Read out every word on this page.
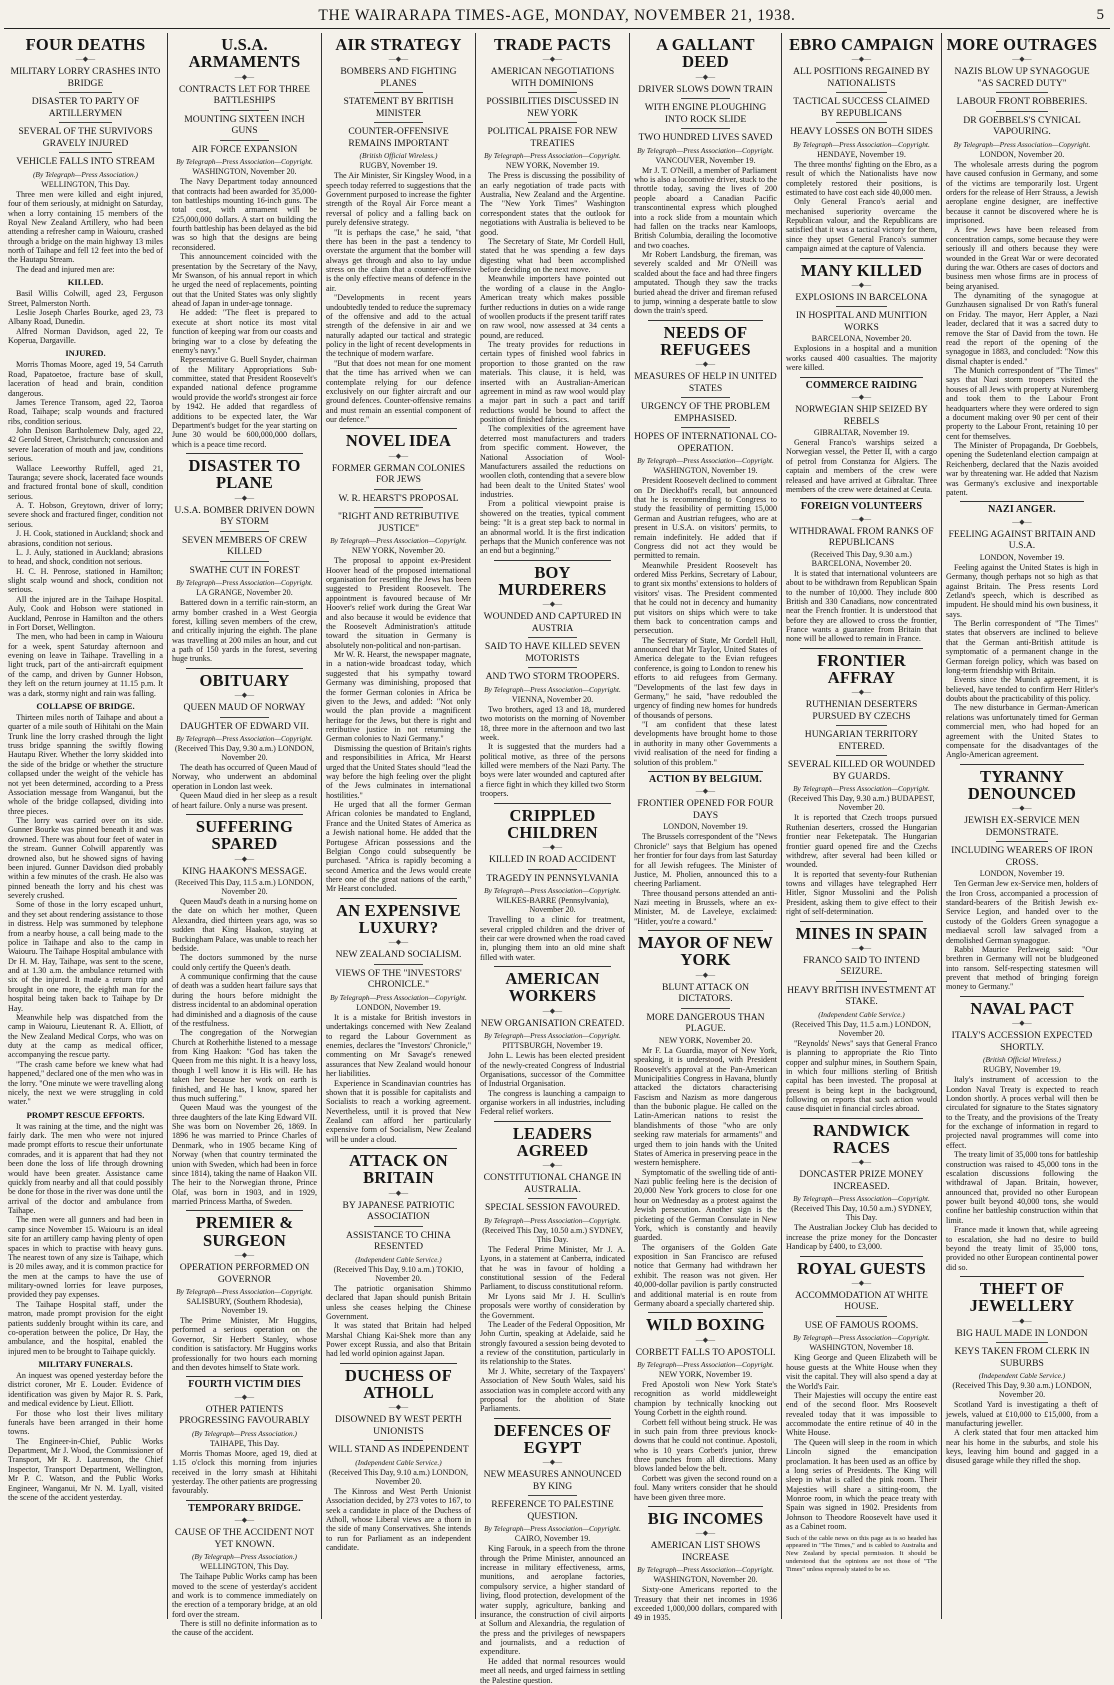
THE WAIRARAPA TIMES-AGE, MONDAY, NOVEMBER 21, 1938.	5
FOUR DEATHS
—◆—
MILITARY LORRY CRASHES INTO BRIDGE
DISASTER TO PARTY OF ARTILLERYMEN
SEVERAL OF THE SURVIVORS GRAVELY INJURED
VEHICLE FALLS INTO STREAM
(By Telegraph—Press Association.)
WELLINGTON, This Day.

Three men were killed and eight injured, four of them seriously, at midnight on Saturday, when a lorry containing 15 members of the Royal New Zealand Artillery, who had been attending a refresher camp in Waiouru, crashed through a bridge on the main highway 13 miles north of Taihape and fell 12 feet into the bed of the Hautapu Stream.

The dead and injured men are:

KILLED.

Basil Willis Colwill, aged 23, Ferguson Street, Palmerston North.

Leslie Joseph Charles Bourke, aged 23, 73 Albany Road, Dunedin.

Alfred Norman Davidson, aged 22, Te Koperua, Dargaville.

INJURED.

Morris Thomas Moore, aged 19, 54 Carruth Road, Papatoetoe, fracture base of skull, laceration of head and brain, condition dangerous.

James Terence Transom, aged 22, Taoroa Road, Taihape; scalp wounds and fractured ribs, condition serious.

John Denison Bartholemew Daly, aged 22, 42 Gerold Street, Christchurch; concussion and severe laceration of mouth and jaw, conditions serious.

Wallace Leeworthy Ruffell, aged 21, Tauranga; severe shock, lacerated face wounds and fractured frontal bone of skull, condition serious.

A. T. Hobson, Greytown, driver of lorry; severe shock and fractured finger, condition not serious.

J. H. Cook, stationed in Auckland; shock and abrasions, condition not serious.

L. J. Auly, stationed in Auckland; abrasions to head, and shock, condition not serious.

H. C. H. Penrose, stationed in Hamilton; slight scalp wound and shock, condition not serious.

All the injured are in the Taihape Hospital. Auly, Cook and Hobson were stationed in Auckland, Penrose in Hamilton and the others in Fort Dorset, Wellington.

The men, who had been in camp in Waiouru for a week, spent Saturday afternoon and evening on leave in Taihape. Travelling in a light truck, part of the anti-aircraft equipment of the camp, and driven by Gunner Hobson, they left on the return journey at 11.15 p.m. It was a dark, stormy night and rain was falling.

COLLAPSE OF BRIDGE.

Thirteen miles north of Taihape and about a quarter of a mile south of Hihitahi on the Main Trunk line the lorry crashed through the light truss bridge spanning the swiftly flowing Hautapu River. Whether the lorry skidded into the side of the bridge or whether the structure collapsed under the weight of the vehicle has not yet been determined, according to a Press Association message from Wanganui, but the whole of the bridge collapsed, dividing into three pieces.

The lorry was carried over on its side. Gunner Bourke was pinned beneath it and was drowned. There was about four feet of water in the stream. Gunner Colwill apparently was drowned also, but he showed signs of having been injured. Gunner Davidson died probably within a few minutes of the crash. He also was pinned beneath the lorry and his chest was severely crushed.

Some of those in the lorry escaped unhurt, and they set about rendering assistance to those in distress. Help was summoned by telephone from a nearby house, a call being made to the police in Taihape and also to the camp in Waiouru. The Taihape Hospital ambulance with Dr H. M. Hay, Taihape, was sent to the scene, and at 1.30 a.m. the ambulance returned with six of the injured. It made a return trip and brought in one more, the eighth man for the hospital being taken back to Taihape by Dr Hay.

Meanwhile help was dispatched from the camp in Waiouru, Lieutenant R. A. Elliott, of the New Zealand Medical Corps, who was on duty at the camp as medical officer, accompanying the rescue party.

"The crash came before we knew what had happened," declared one of the men who was in the lorry. "One minute we were travelling along nicely, the next we were struggling in cold water."

PROMPT RESCUE EFFORTS.

It was raining at the time, and the night was fairly dark. The men who were not injured made prompt efforts to rescue their unfortunate comrades, and it is apparent that had they not been done the loss of life through drowning would have been greater. Assistance came quickly from nearby and all that could possibly be done for those in the river was done until the arrival of the doctor and ambulance from Taihape.

The men were all gunners and had been in camp since November 15. Waiouru is an ideal site for an artillery camp having plenty of open spaces in which to practise with heavy guns. The nearest town of any size is Taihape, which is 20 miles away, and it is common practice for the men at the camps to have the use of military-owned lorries for leave purposes, provided they pay expenses.

The Taihape Hospital staff, under the matron, made prompt provision for the eight patients suddenly brought within its care, and co-operation between the police, Dr Hay, the ambulance, and the hospital, enabled the injured men to be brought to Taihape quickly.

MILITARY FUNERALS.

An inquest was opened yesterday before the district coroner, Mr E. Louder. Evidence of identification was given by Major R. S. Park, and medical evidence by Lieut. Elliott.

For those who lost their lives military funerals have been arranged in their home towns.

The Engineer-in-Chief, Public Works Department, Mr J. Wood, the Commissioner of Transport, Mr R. J. Laurenson, the Chief Inspector, Transport Department, Wellington, Mr P. C. Watson, and the Public Works Engineer, Wanganui, Mr N. M. Lyall, visited the scene of the accident yesterday.

U.S.A. ARMAMENTS
—◆—
CONTRACTS LET FOR THREE BATTLESHIPS
MOUNTING SIXTEEN INCH GUNS
AIR FORCE EXPANSION
By Telegraph—Press Association—Copyright.
WASHINGTON, November 20.

The Navy Department today announced that contracts had been awarded for 35,000-ton battleships mounting 16-inch guns. The total cost, with armament will be £25,000,000 dollars. A start on building the fourth battleship has been delayed as the bid was so high that the designs are being reconsidered.

This announcement coincided with the presentation by the Secretary of the Navy, Mr Swanson, of his annual report in which he urged the need of replacements, pointing out that the United States was only slightly ahead of Japan in under-age tonnage.

He added: "The fleet is prepared to execute at short notice its most vital function of keeping war from our coasts and bringing war to a close by defeating the enemy's navy."

Representative G. Buell Snyder, chairman of the Military Appropriations Sub-committee, stated that President Roosevelt's expanded national defence programme would provide the world's strongest air force by 1942. He added that regardless of additions to be expected later, the War Department's budget for the year starting on June 30 would be 600,000,000 dollars, which is a peace time record.

DISASTER TO PLANE
—◆—
U.S.A. BOMBER DRIVEN DOWN BY STORM
SEVEN MEMBERS OF CREW KILLED
SWATHE CUT IN FOREST
By Telegraph—Press Association—Copyright.
LA GRANGE, November 20.

Battered down in a terrific rain-storm, an army bomber crashed in a West Georgia forest, killing seven members of the crew, and critically injuring the eighth. The plane was travelling at 200 miles an hour, and cut a path of 150 yards in the forest, severing huge trunks.

OBITUARY
—◆—
QUEEN MAUD OF NORWAY
DAUGHTER OF EDWARD VII.
By Telegraph—Press Association—Copyright.
(Received This Day, 9.30 a.m.) LONDON, November 20.

The death has occurred of Queen Maud of Norway, who underwent an abdominal operation in London last week.

Queen Maud died in her sleep as a result of heart failure. Only a nurse was present.

SUFFERING SPARED
—◆—
KING HAAKON'S MESSAGE.
(Received This Day, 11.5 a.m.) LONDON, November 20.

Queen Maud's death in a nursing home on the date on which her mother, Queen Alexandra, died thirteen years ago, was so sudden that King Haakon, staying at Buckingham Palace, was unable to reach her bedside.

The doctors summoned by the nurse could only certify the Queen's death.

A communique confirming that the cause of death was a sudden heart failure says that during the hours before midnight the distress incidental to an abdominal operation had diminished and a diagnosis of the cause of the restfulness.

The congregation of the Norwegian Church at Rotherhithe listened to a message from King Haakon: "God has taken the Queen from me this night. It is a heavy loss, though I well know it is His will. He has taken her because her work on earth is finished, and He has, I know, spared her thus much suffering."

Queen Maud was the youngest of the three daughters of the late King Edward VII. She was born on November 26, 1869. In 1896 he was married to Prince Charles of Denmark, who in 1905 became King of Norway (when that country terminated the union with Sweden, which had been in force since 1814), taking the name of Haakon VII. The heir to the Norwegian throne, Prince Olaf, was born in 1903, and in 1929, married Princess Martha, of Sweden.

PREMIER & SURGEON
—◆—
OPERATION PERFORMED ON GOVERNOR
By Telegraph—Press Association—Copyright.
SALISBURY, (Southern Rhodesia), November 19.

The Prime Minister, Mr Huggins, performed a serious operation on the Governor, Sir Herbert Stanley, whose condition is satisfactory. Mr Huggins works professionally for two hours each morning and then devotes himself to State work.

FOURTH VICTIM DIES
—◆—
OTHER PATIENTS PROGRESSING FAVOURABLY
(By Telegraph—Press Association.)
TAIHAPE, This Day.

Morris Thomas Moore, aged 19, died at 1.15 o'clock this morning from injuries received in the lorry smash at Hihitahi yesterday. The other patients are progressing favourably.

TEMPORARY BRIDGE.
—◆—
CAUSE OF THE ACCIDENT NOT YET KNOWN.
(By Telegraph—Press Association.)
WELLINGTON, This Day.

The Taihape Public Works camp has been moved to the scene of yesterday's accident and work is to commence immediately on the erection of a temporary bridge, at an old ford over the stream.

There is still no definite information as to the cause of the accident.

AIR STRATEGY
—◆—
BOMBERS AND FIGHTING PLANES
STATEMENT BY BRITISH MINISTER
COUNTER-OFFENSIVE REMAINS IMPORTANT
(British Official Wireless.)
RUGBY, November 19.

The Air Minister, Sir Kingsley Wood, in a speech today referred to suggestions that the Government purposed to increase the fighter strength of the Royal Air Force meant a reversal of policy and a falling back on purely defensive strategy.

"It is perhaps the case," he said, "that there has been in the past a tendency to overstate the argument that the bomber will always get through and also to lay undue stress on the claim that a counter-offensive is the only effective means of defence in the air.

"Developments in recent years undoubtedly tended to reduce the supremacy of the offensive and add to the actual strength of the defensive in air and we naturally adapted our tactical and strategic policy in the light of recent developments in the technique of modern warfare.

"But that does not mean for one moment that the time has arrived when we can contemplate relying for our defence exclusively on our fighter aircraft and our ground defences. Counter-offensive remains and must remain an essential component of our defence."

NOVEL IDEA
—◆—
FORMER GERMAN COLONIES FOR JEWS
W. R. HEARST'S PROPOSAL
"RIGHT AND RETRIBUTIVE JUSTICE"
By Telegraph—Press Association—Copyright.
NEW YORK, November 20.

The proposal to appoint ex-President Hoover head of the proposed international organisation for resettling the Jews has been suggested to President Roosevelt. The appointment is favoured because of Mr Hoover's relief work during the Great War and also because it would be evidence that the Roosevelt Administration's attitude toward the situation in Germany is absolutely non-political and non-partisan.

Mr W. R. Hearst, the newspaper magnate, in a nation-wide broadcast today, which suggested that his sympathy toward Germany was diminishing, proposed that the former German colonies in Africa be given to the Jews, and added: "Not only would the plan provide a magnificent heritage for the Jews, but there is right and retributive justice in not returning the German colonies to Nazi Germany."

Dismissing the question of Britain's rights and responsibilities in Africa, Mr Hearst urged that the United States should "lead the way before the high feeling over the plight of the Jews culminates in international hostilities."

He urged that all the former German African colonies be mandated to England, France and the United States of America as a Jewish national home. He added that the Portugese African possessions and the Belgian Congo could subsequently be purchased. "Africa is rapidly becoming a second America and the Jews would create there one of the great nations of the earth," Mr Hearst concluded.

AN EXPENSIVE LUXURY?
—◆—
NEW ZEALAND SOCIALISM.
VIEWS OF THE "INVESTORS' CHRONICLE."
By Telegraph—Press Association—Copyright.
LONDON, November 19.

It is a mistake for British investors in undertakings concerned with New Zealand to regard the Labour Government as enemies, declares the "Investors' Chronicle," commenting on Mr Savage's renewed assurances that New Zealand would honour her liabilities.

Experience in Scandinavian countries has shown that it is possible for capitalists and Socialists to reach a working agreement. Nevertheless, until it is proved that New Zealand can afford her particularly expensive form of Socialism, New Zealand will be under a cloud.

ATTACK ON BRITAIN
—◆—
BY JAPANESE PATRIOTIC ASSOCIATION
ASSISTANCE TO CHINA RESENTED
(Independent Cable Service.)
(Received This Day, 9.10 a.m.) TOKIO, November 20.

The patriotic organisation Shimmo declared that Japan should punish Britain unless she ceases helping the Chinese Government.

It was stated that Britain had helped Marshal Chiang Kai-Shek more than any Power except Russia, and also that Britain had led world opinion against Japan.

DUCHESS OF ATHOLL
—◆—
DISOWNED BY WEST PERTH UNIONISTS
WILL STAND AS INDEPENDENT
(Independent Cable Service.)
(Received This Day, 9.10 a.m.) LONDON, November 20.

The Kinross and West Perth Unionist Association decided, by 273 votes to 167, to seek a candidate in place of the Duchess of Atholl, whose Liberal views are a thorn in the side of many Conservatives. She intends to run for Parliament as an independent candidate.

TRADE PACTS
—◆—
AMERICAN NEGOTIATIONS WITH DOMINIONS
POSSIBILITIES DISCUSSED IN NEW YORK
POLITICAL PRAISE FOR NEW TREATIES
By Telegraph—Press Association—Copyright.
NEW YORK, November 19.

The Press is discussing the possibility of an early negotiation of trade pacts with Australia, New Zealand and the Argentine. The "New York Times" Washington correspondent states that the outlook for negotiations with Australia is believed to be good.

The Secretary of State, Mr Cordell Hull, stated that he was spending a few days digesting what had been accomplished before deciding on the next move.

Meanwhile importers have pointed out the wording of a clause in the Anglo-American treaty which makes possible further reductions in duties on a wide range of woollen products if the present tariff rates on raw wool, now assessed at 34 cents a pound, are reduced.

The treaty provides for reductions in certain types of finished wool fabrics in proportion to those granted on the raw materials. This clause, it is held, was inserted with an Australian-American agreement in mind as raw wool would play a major part in such a pact and tariff reductions would be bound to affect the position of finished fabrics.

The complexities of the agreement have deterred most manufacturers and traders from specific comment. However, the National Association of Wool-Manufacturers assailed the reductions on woollen cloth, contending that a severe blow had been dealt to the United States' wool industries.

From a political viewpoint praise is showered on the treaties, typical comment being: "It is a great step back to normal in an abnormal world. It is the first indication perhaps that the Munich conference was not an end but a beginning."

BOY MURDERERS
—◆—
WOUNDED AND CAPTURED IN AUSTRIA
SAID TO HAVE KILLED SEVEN MOTORISTS
AND TWO STORM TROOPERS.
By Telegraph—Press Association—Copyright.
VIENNA, November 20.

Two brothers, aged 13 and 18, murdered two motorists on the morning of November 18, three more in the afternoon and two last week.

It is suggested that the murders had a political motive, as three of the persons killed were members of the Nazi Party. The boys were later wounded and captured after a fierce fight in which they killed two Storm troopers.

CRIPPLED CHILDREN
—◆—
KILLED IN ROAD ACCIDENT
TRAGEDY IN PENNSYLVANIA
By Telegraph—Press Association—Copyright.
WILKES-BARRE (Pennsylvania), November 20.

Travelling to a clinic for treatment, several crippled children and the driver of their car were drowned when the road caved in, plunging them into an old mine shaft filled with water.

AMERICAN WORKERS
—◆—
NEW ORGANISATION CREATED.
By Telegraph—Press Association—Copyright.
PITTSBURGH, November 19.

John L. Lewis has been elected president of the newly-created Congress of Industrial Organisations, successor of the Committee of Industrial Organisation.

The congress is launching a campaign to organise workers in all industries, including Federal relief workers.

LEADERS AGREED
—◆—
CONSTITUTIONAL CHANGE IN AUSTRALIA.
SPECIAL SESSION FAVOURED.
By Telegraph—Press Association—Copyright.
(Received This Day, 10.50 a.m.) SYDNEY, This Day.

The Federal Prime Minister, Mr J. A. Lyons, in a statement at Canberra, indicated that he was in favour of holding a constitutional session of the Federal Parliament, to discuss constitutional reform.

Mr Lyons said Mr J. H. Scullin's proposals were worthy of consideration by the Government.

The Leader of the Federal Opposition, Mr John Curtin, speaking at Adelaide, said he strongly favoured a session being devoted to a review of the constitution, particularly in its relationship to the States.

Mr J. White, secretary of the Taxpayers' Association of New South Wales, said his association was in complete accord with any proposal for the abolition of State Parliaments.

DEFENCES OF EGYPT
—◆—
NEW MEASURES ANNOUNCED BY KING
REFERENCE TO PALESTINE QUESTION.
By Telegraph—Press Association—Copyright.
CAIRO, November 19.

King Farouk, in a speech from the throne through the Prime Minister, announced an increase in military effectiveness, arms, munitions, and aeroplane factories, compulsory service, a higher standard of living, flood protection, development of the water supply, agriculture, banking and insurance, the construction of civil airports at Sollum and Alexandria, the regulation of the press and the privileges of newspapers and journalists, and a reduction of expenditure.

He added that normal resources would meet all needs, and urged fairness in settling the Palestine question.

A GALLANT DEED
—◆—
DRIVER SLOWS DOWN TRAIN
WITH ENGINE PLOUGHING INTO ROCK SLIDE
TWO HUNDRED LIVES SAVED
By Telegraph—Press Association—Copyright.
VANCOUVER, November 19.

Mr J. T. O'Neill, a member of Parliament who is also a locomotive driver, stuck to the throttle today, saving the lives of 200 people aboard a Canadian Pacific transcontinental express which ploughed into a rock slide from a mountain which had fallen on the tracks near Kamloops, British Columbia, derailing the locomotive and two coaches.

Mr Robert Landsburg, the fireman, was severely scalded and Mr O'Neill was scalded about the face and had three fingers amputated. Though they saw the tracks buried ahead the driver and fireman refused to jump, winning a desperate battle to slow down the train's speed.

NEEDS OF REFUGEES
—◆—
MEASURES OF HELP IN UNITED STATES
URGENCY OF THE PROBLEM EMPHASISED.
HOPES OF INTERNATIONAL CO-OPERATION.
By Telegraph—Press Association—Copyright.
WASHINGTON, November 19.

President Roosevelt declined to comment on Dr Dieckhoff's recall, but announced that he is recommending to Congress to study the feasibility of permitting 15,000 German and Austrian refugees, who are at present in U.S.A. on visitors' permits, to remain indefinitely. He added that if Congress did not act they would be permitted to remain.

Meanwhile President Roosevelt has ordered Miss Perkins, Secretary of Labour, to grant six months' extensions to holders of visitors' visas. The President commented that he could not in decency and humanity put visitors on ships which were to take them back to concentration camps and persecution.

The Secretary of State, Mr Cordell Hull, announced that Mr Taylor, United States of America delegate to the Evian refugees conference, is going to London to renew his efforts to aid refugees from Germany. "Developments of the last few days in Germany," he said, "have redoubled the urgency of finding new homes for hundreds of thousands of persons.

"I am confident that these latest developments have brought home to those in authority in many other Governments a vivid realisation of the need for finding a solution of this problem."

ACTION BY BELGIUM.
—◆—
FRONTIER OPENED FOR FOUR DAYS
LONDON, November 19.

The Brussels correspondent of the "News Chronicle" says that Belgium has opened her frontier for four days from last Saturday for all Jewish refugees. The Minister of Justice, M. Pholien, announced this to a cheering Parliament.

Three thousand persons attended an anti-Nazi meeting in Brussels, where an ex-Minister, M. de Laveleye, exclaimed: "Hitler, you're a coward."

MAYOR OF NEW YORK
—◆—
BLUNT ATTACK ON DICTATORS.
MORE DANGEROUS THAN PLAGUE.
NEW YORK, November 20.

Mr F. La Guardia, mayor of New York, speaking, it is understood, with President Roosevelt's approval at the Pan-American Municipalities Congress in Havana, bluntly attacked the dictators characterising Fascism and Nazism as more dangerous than the bubonic plague. He called on the Latin-American nations to resist the blandishments of those "who are only seeking raw materials for armaments" and urged them to join hands with the United States of America in preserving peace in the western hemisphere.

Symptomatic of the swelling tide of anti-Nazi public feeling here is the decision of 20,000 New York grocers to close for one hour on Wednesday as a protest against the Jewish persecution. Another sign is the picketing of the German Consulate in New York, which is constantly and heavily guarded.

The organisers of the Golden Gate exposition in San Francisco are refused notice that Germany had withdrawn her exhibit. The reason was not given. Her 40,000-dollar pavilion is partly constructed and additional material is en route from Germany aboard a specially chartered ship.

WILD BOXING
—◆—
CORBETT FALLS TO APOSTOLI.
By Telegraph—Press Association—Copyright.
NEW YORK, November 19.

Fred Apostoli won New York State's recognition as world middleweight champion by technically knocking out Young Corbett in the eighth round.

Corbett fell without being struck. He was in such pain from three previous knock-downs that he could not continue. Apostoli, who is 10 years Corbett's junior, threw three punches from all directions. Many blows landed below the belt.

Corbett was given the second round on a foul. Many writers consider that he should have been given three more.

BIG INCOMES
—◆—
AMERICAN LIST SHOWS INCREASE
By Telegraph—Press Association—Copyright.
WASHINGTON, November 20.

Sixty-one Americans reported to the Treasury that their net incomes in 1936 exceeded 1,000,000 dollars, compared with 49 in 1935.

EBRO CAMPAIGN
—◆—
ALL POSITIONS REGAINED BY NATIONALISTS
TACTICAL SUCCESS CLAIMED BY REPUBLICANS
HEAVY LOSSES ON BOTH SIDES
By Telegraph—Press Association—Copyright.
HENDAYE, November 19.

The three months' fighting on the Ebro, as a result of which the Nationalists have now completely restored their positions, is estimated to have cost each side 40,000 men.

Only General Franco's aerial and mechanised superiority overcame the Republican valour, and the Republicans are satisfied that it was a tactical victory for them, since they upset General Franco's summer campaign aimed at the capture of Valencia.

MANY KILLED
—◆—
EXPLOSIONS IN BARCELONA
IN HOSPITAL AND MUNITION WORKS
BARCELONA, November 20.

Explosions in a hospital and a munition works caused 400 casualties. The majority were killed.

COMMERCE RAIDING
—◆—
NORWEGIAN SHIP SEIZED BY REBELS
GIBRALTAR, November 19.

General Franco's warships seized a Norwegian vessel, the Petter II, with a cargo of petrol from Constanza for Algiers. The captain and members of the crew were released and have arrived at Gibraltar. Three members of the crew were detained at Ceuta.

FOREIGN VOLUNTEERS
—◆—
WITHDRAWAL FROM RANKS OF REPUBLICANS
(Received This Day, 9.30 a.m.) BARCELONA, November 20.

It is stated that international volunteers are about to be withdrawn from Republican Spain to the number of 10,000. They include 800 British and 330 Canadians, now concentrated near the French frontier. It is understood that before they are allowed to cross the frontier, France wants a guarantee from Britain that none will be allowed to remain in France.

FRONTIER AFFRAY
—◆—
RUTHENIAN DESERTERS PURSUED BY CZECHS
HUNGARIAN TERRITORY ENTERED.
SEVERAL KILLED OR WOUNDED BY GUARDS.
By Telegraph—Press Association—Copyright.
(Received This Day, 9.30 a.m.) BUDAPEST, November 20.

It is reported that Czech troops pursued Ruthenian deserters, crossed the Hungarian frontier near Feketepatak. The Hungarian frontier guard opened fire and the Czechs withdrew, after several had been killed or wounded.

It is reported that seventy-four Ruthenian towns and villages have telegraphed Herr Hitler, Signor Mussolini and the Polish President, asking them to give effect to their right of self-determination.

MINES IN SPAIN
—◆—
FRANCO SAID TO INTEND SEIZURE.
HEAVY BRITISH INVESTMENT AT STAKE.
(Independent Cable Service.)
(Received This Day, 11.5 a.m.) LONDON, November 20.

"Reynolds' News" says that General Franco is planning to appropriate the Rio Tinto copper and sulphur mines, in Southern Spain, in which four millions sterling of British capital has been invested. The proposal at present is being kept in the background, following on reports that such action would cause disquiet in financial circles abroad.

RANDWICK RACES
—◆—
DONCASTER PRIZE MONEY INCREASED.
By Telegraph—Press Association—Copyright.
(Received This Day, 10.50 a.m.) SYDNEY, This Day.

The Australian Jockey Club has decided to increase the prize money for the Doncaster Handicap by £400, to £3,000.

ROYAL GUESTS
—◆—
ACCOMMODATION AT WHITE HOUSE.
USE OF FAMOUS ROOMS.
By Telegraph—Press Association—Copyright.
WASHINGTON, November 18.

King George and Queen Elizabeth will be house guests at the White House when they visit the capital. They will also spend a day at the World's Fair.

Their Majesties will occupy the entire east end of the second floor. Mrs Roosevelt revealed today that it was impossible to accommodate the entire retinue of 40 in the White House.

The Queen will sleep in the room in which Lincoln signed the emancipation proclamation. It has been used as an office by a long series of Presidents. The King will sleep in what is called the pink room. Their Majesties will share a sitting-room, the Monroe room, in which the peace treaty with Spain was signed in 1902. Presidents from Johnson to Theodore Roosevelt have used it as a Cabinet room.

Such of the cable news on this page as is so headed has appeared in "The Times," and is cabled to Australia and New Zealand by special permission. It should be understood that the opinions are not those of "The Times" unless expressly stated to be so.
MORE OUTRAGES
—◆—
NAZIS BLOW UP SYNAGOGUE "AS SACRED DUTY"
LABOUR FRONT ROBBERIES.
DR GOEBBELS'S CYNICAL VAPOURING.
By Telegraph—Press Association—Copyright.
LONDON, November 20.

The wholesale arrests during the pogrom have caused confusion in Germany, and some of the victims are temporarily lost. Urgent orders for the release of Herr Strauss, a Jewish aeroplane engine designer, are ineffective because it cannot be discovered where he is imprisoned.

A few Jews have been released from concentration camps, some because they were seriously ill and others because they were wounded in the Great War or were decorated during the war. Others are cases of doctors and business men whose firms are in process of being aryanised.

The dynamiting of the synagogue at Gunzhausen signalised Dr von Rath's funeral on Friday. The mayor, Herr Appler, a Nazi leader, declared that it was a sacred duty to remove the Star of David from the town. He read the report of the opening of the synagogue in 1883, and concluded: "Now this dismal chapter is ended."

The Munich correspondent of "The Times" says that Nazi storm troopers visited the houses of all Jews with property at Nuremberg and took them to the Labour Front headquarters where they were ordered to sign a document making over 90 per cent of their property to the Labour Front, retaining 10 per cent for themselves.

The Minister of Propaganda, Dr Goebbels, opening the Sudetenland election campaign at Reichenberg, declared that the Nazis avoided war by threatening war. He added that Nazism was Germany's exclusive and inexportable patent.

NAZI ANGER.
—◆—
FEELING AGAINST BRITAIN AND U.S.A.
LONDON, November 19.

Feeling against the United States is high in Germany, though perhaps not so high as that against Britain. The Press resents Lord Zetland's speech, which is described as impudent. He should mind his own business, it says.

The Berlin correspondent of "The Times" states that observers are inclined to believe that the German anti-British attitude is symptomatic of a permanent change in the German foreign policy, which was based on long-term friendship with Britain.

Events since the Munich agreement, it is believed, have tended to confirm Herr Hitler's doubts about the practicability of this policy.

The new disturbance in German-American relations was unfortunately timed for German commercial men, who had hoped for an agreement with the United States to compensate for the disadvantages of the Anglo-American agreement.

TYRANNY DENOUNCED
—◆—
JEWISH EX-SERVICE MEN DEMONSTRATE.
INCLUDING WEARERS OF IRON CROSS.
LONDON, November 19.

Ten German Jew ex-Service men, holders of the Iron Cross, accompanied a procession of standard-bearers of the British Jewish ex-Service Legion, and handed over to the custody of the Golders Green synagogue a mediaeval scroll law salvaged from a demolished German synagogue.

Rabbi Maurice Perlzweig said: "Our brethren in Germany will not be bludgeoned into ransom. Self-respecting statesmen will prevent that method of bringing foreign money to Germany."

NAVAL PACT
—◆—
ITALY'S ACCESSION EXPECTED SHORTLY.
(British Official Wireless.)
RUGBY, November 19.

Italy's instrument of accession to the London Naval Treaty is expected to reach London shortly. A proces verbal will then be circulated for signature to the States signatory to the Treaty, and the provisions of the Treaty for the exchange of information in regard to projected naval programmes will come into effect.

The treaty limit of 35,000 tons for battleship construction was raised to 45,000 tons in the escalation discussions following the withdrawal of Japan. Britain, however, announced that, provided no other European power built beyond 40,000 tons, she would confine her battleship construction within that limit.

France made it known that, while agreeing to escalation, she had no desire to build beyond the treaty limit of 35,000 tons, provided no other European continental power did so.

THEFT OF JEWELLERY
—◆—
BIG HAUL MADE IN LONDON
KEYS TAKEN FROM CLERK IN SUBURBS
(Independent Cable Service.)
(Received This Day, 9.30 a.m.) LONDON, November 20.

Scotland Yard is investigating a theft of jewels, valued at £10,000 to £15,000, from a manufacturing jeweller.

A clerk stated that four men attacked him near his home in the suburbs, and stole his keys, leaving him bound and gagged in a disused garage while they rifled the shop.
